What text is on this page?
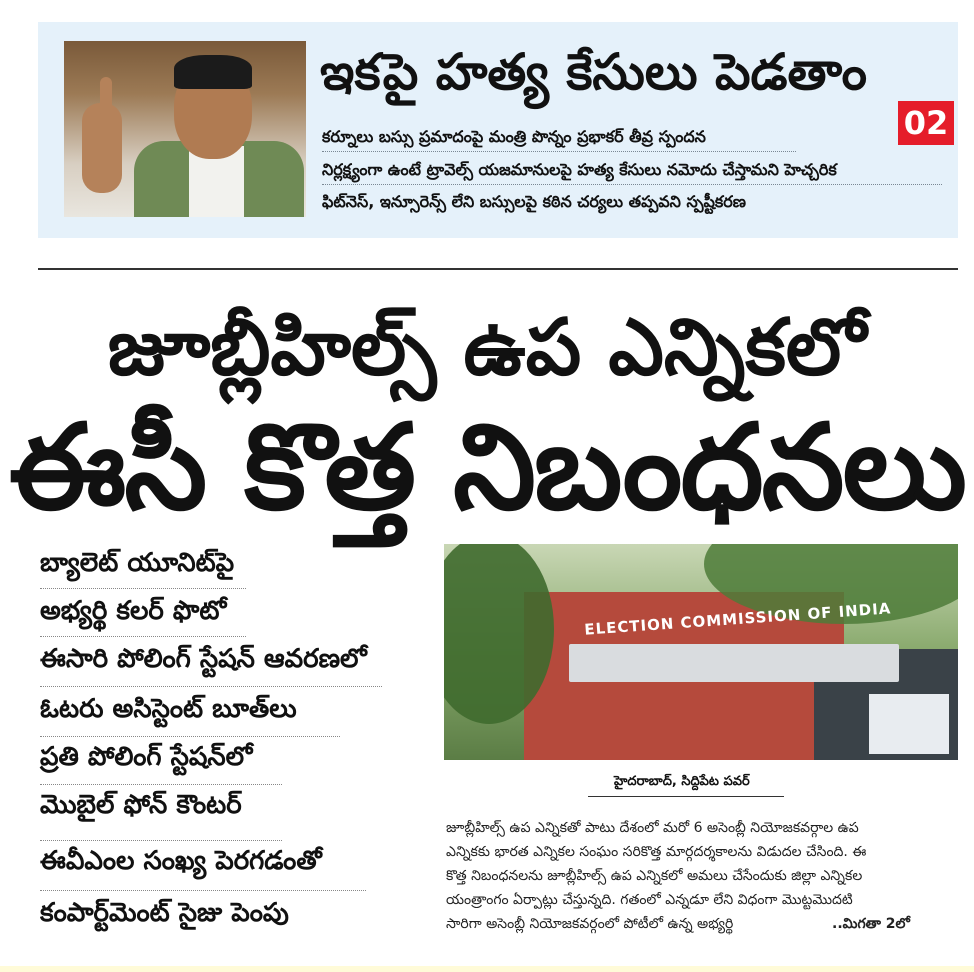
ఇకపై హత్య కేసులు పెడతాం
02
కర్నూలు బస్సు ప్రమాదంపై మంత్రి పొన్నం ప్రభాకర్ తీవ్ర స్పందన
నిర్లక్ష్యంగా ఉంటే ట్రావెల్స్ యజమానులపై హత్య కేసులు నమోదు చేస్తామని హెచ్చరిక
ఫిట్‌నెస్, ఇన్సూరెన్స్ లేని బస్సులపై కఠిన చర్యలు తప్పవని స్పష్టీకరణ
జూబ్లీహిల్స్ ఉప ఎన్నికలో
ఈసీ కొత్త నిబంధనలు
బ్యాలెట్ యూనిట్‌పై
అభ్యర్థి కలర్ ఫొటో
ఈసారి పోలింగ్ స్టేషన్ ఆవరణలో
ఓటరు అసిస్టెంట్ బూత్‌లు
ప్రతి పోలింగ్ స్టేషన్‌లో
మొబైల్ ఫోన్ కౌంటర్
ఈవీఎంల సంఖ్య పెరగడంతో
కంపార్ట్‌మెంట్ సైజు పెంపు
ELECTION COMMISSION OF INDIA
హైదరాబాద్, సిద్దిపేట పవర్
జూబ్లీహిల్స్ ఉప ఎన్నికతో పాటు దేశంలో మరో 6 అసెంబ్లీ నియోజకవర్గాల ఉప
ఎన్నికకు భారత ఎన్నికల సంఘం సరికొత్త మార్గదర్శకాలను విడుదల చేసింది. ఈ
కొత్త నిబంధనలను జూబ్లీహిల్స్ ఉప ఎన్నికలో అమలు చేసేందుకు జిల్లా ఎన్నికల
యంత్రాంగం ఏర్పాట్లు చేస్తున్నది. గతంలో ఎన్నడూ లేని విధంగా మొట్టమొదటి
సారిగా అసెంబ్లీ నియోజకవర్గంలో పోటీలో ఉన్న అభ్యర్థి	..మిగతా 2లో
